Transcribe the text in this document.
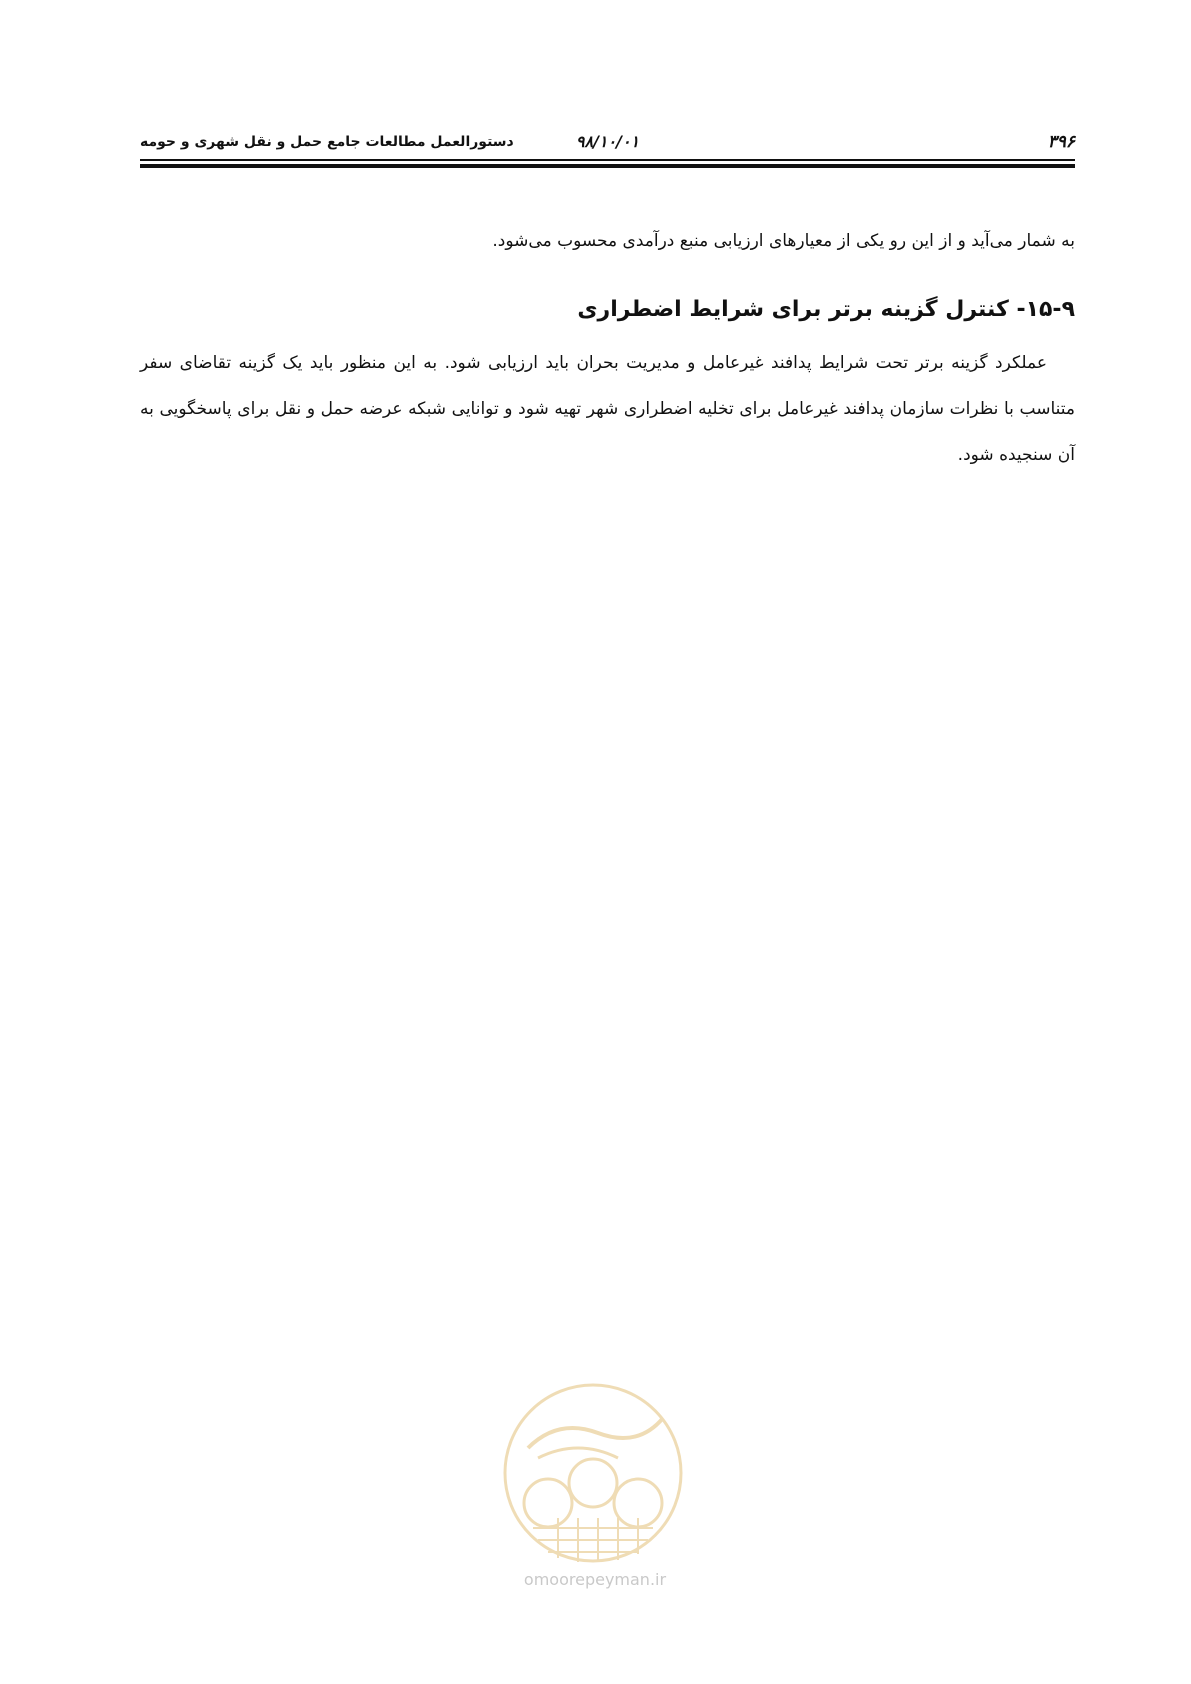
۳۹۶
۹۸/۱۰/۰۱
دستورالعمل مطالعات جامع حمل و نقل شهری و حومه

به شمار می‌آید و از این رو یکی از معیارهای ارزیابی منبع درآمدی محسوب می‌شود.

۱۵-۹- کنترل گزینه برتر برای شرایط اضطراری

عملکرد گزینه برتر تحت شرایط پدافند غیرعامل و مدیریت بحران باید ارزیابی شود. به این منظور باید یک گزینه تقاضای سفر متناسب با نظرات سازمان پدافند غیرعامل برای تخلیه اضطراری شهر تهیه شود و توانایی شبکه عرضه حمل و نقل برای پاسخگویی به آن سنجیده شود.

omoorepeyman.ir
